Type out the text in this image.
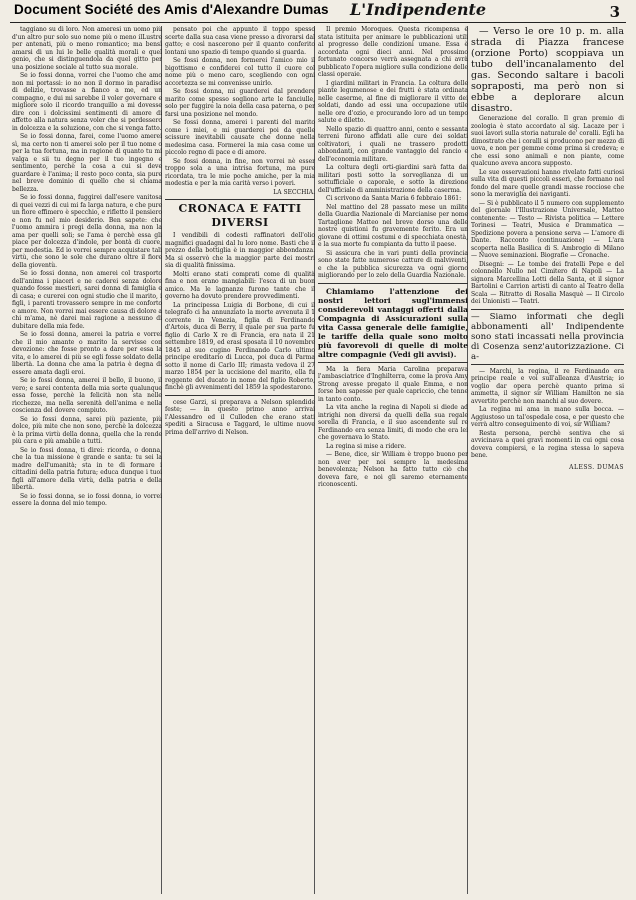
Document Société des Amis d'Alexandre Dumas L'Indipendente	3

taggiano su di loro. Non ameresi un uomo più d'un altro pur solo suo nome più o meno ilLustre per antenati, più o meno romantico; ma bensì amarsi di un lui le belle qualità morali e quel genio, che si distinguendola da quel gitto per una posizione sociale al tutto sua morale.

Se io fossi donna, vorrei che l'uomo che amo non mi portassi: io no non il dormo in paradiso di delizie, trovasse a fianco a me, ed un compagno, e dui mi sarebbe il voler governare e migliore solo il ricordo tranquillo a mi dovesse dire con i dolcissimi sentimenti di amore di affetto alla natura senza voler che si perdessero in dolcezza e la soluzione, con che si venga fatto.

Se io fossi donna, farei, come l'uomo amerei sì, ma certo non ti amerei solo per il tuo nome o per la tua fortuna, ma in ragione di quanto tu mi valga e sii tu degno per il tuo ingegno e sentimento, perchè la cosa a cui si deve guardare è l'anima; il resto poco conta, sia pure nel breve dominio di quello che si chiama bellezza.

Se io fossi donna, fuggirei dall'esere vanitosa di quei vezzi di cui mi fa larga natura, e che pure un fiore effimero è specchio, e rifletto il pensiero e non fu nel mio desiderio. Ben sapete: che l'uomo ammira i pregi della donna, ma non la ama per quelli soli; se l'ama è perchè essa gli piace per dolcezza d'indole, per bontà di cuore, per modestia. Ed io vorrei sempre acquistare tali virtù, che sono le sole che durano oltre il fiore della gioventù.

Se io fossi donna, non amerei col trasporto dell'anima i piaceri e ne caderei senza dolore quando fosse mestieri, sarei donna di famiglia e di casa; e curerei con ogni studio che il marito, i figli, i parenti trovassero sempre in me conforto e amore. Non vorrei mai essere causa di dolore a chi m'ama, nè darei mai ragione a nessuno di dubitare della mia fede.

Se io fossi donna, amerei la patria e vorrei che il mio amante o marito la servisse con devozione: che fosse pronto a dare per essa la vita, e lo amerei di più se egli fosse soldato della libertà. La donna che ama la patria è degna di essere amata dagli eroi.

Se io fossi donna, amerei il bello, il buono, il vero; e sarei contenta della mia sorte qualunque essa fosse, perchè la felicità non sta nelle ricchezze, ma nella serenità dell'anima e nella coscienza del dovere compiuto.

Se io fossi donna, sarei più paziente, più dolce, più mite che non sono, perchè la dolcezza è la prima virtù della donna, quella che la rende più cara e più amabile a tutti.

Se io fossi donna, ti direi: ricorda, o donna, che la tua missione è grande e santa: tu sei la madre dell'umanità; sta in te di formare i cittadini della patria futura; educa dunque i tuoi figli all'amore della virtù, della patria e della libertà.

Se io fossi donna, se io fossi donna, io vorrei essere la donna del mio tempo.

pensato poi che appunto il toppo spesso scerte dalla sua casa viene presso a divorarsi dal gatto; e così nascerono per il quanto conferito lontani uno spazio di tempo quando si guarda.

Se fossi donna, non formerei l'amico mio il bigottismo e confiderei col tutto il cuore col nome più o meno caro, scegliendo con ogni accortezza se mi convenisse unirlo.

Se fossi donna, mi guarderei dal prendere marito come spesso sogliono arte le fanciulle, solo per fuggire la noia della casa paterna, o per farsi una posizione nel mondo.

Se fossi donna, amerei i parenti del marito come i miei, e mi guarderei poi da quelle scissure inevitabili causate che donne nella medesima casa. Formerei la mia casa come un piccolo regno di pace e di amore.

Se fossi donna, in fine, non vorrei nè esser troppo sola a una intrisa fortuna, ma pure ricordata, tra le mie poche amiche, per la mia modestia e per la mia carità verso i poveri.

LA SECCHIA.

CRONACA E FATTI DIVERSI

I vendibili di codesti raffinatori dell'olio magnifici guadagni dal lu loro nome. Basti che il prezzo della bottiglia è in maggior abbondanza. Ma si osservò che la maggior parte dei mostri sia di qualità finissima.

Molti erano stati comprati come di qualità fina e non erano mangiabili: l'esca di un buon amico. Ma le lagnanze furono tante che il governo ha dovuto prendere provvedimenti.

La principessa Luigia di Borbone, di cui il telegrafo ci ha annunziato la morte avvenuta il 1 corrente in Venezia, figlia di Ferdinando d'Artois, duca di Berry, il quale per sua parte fu figlio di Carlo X re di Francia, era nata il 21 settembre 1819, ed erasi sposata il 10 novembre 1845 al suo cugino Ferdinando Carlo ultimo principe ereditario di Lucca, poi duca di Parma sotto il nome di Carlo III; rimasta vedova il 27 marzo 1854 per la uccisione del marito, ella fu reggente del ducato in nome del figlio Roberto, finchè gli avvenimenti del 1859 la spodestarono.

cese Garzi, si preparava a Nelson splendide feste; — in questo primo anno arrivai l'Alessandro ed il Culloden che erano stati spediti a Siracusa e Taggard, le ultime nuove prima dell'arrivo di Nelson.

Il premio Moroques. Questa ricompensa è stata istituita per animare le pubblicazioni utili al progresso delle condizioni umane. Essa è accordata ogni dieci anni. Nel prossimo fortunato concorso verrà assegnata a chi avrà pubblicato l'opera migliore sulla condizione delle classi operaie.

I giardini militari in Francia. La coltura delle piante legumenose e dei frutti è stata ordinata nelle caserme, al fine di migliorare il vitto dei soldati, dando ad essi una occupazione utile nelle ore d'ozio, e procurando loro ad un tempo salute e diletto.

Nello spazio di quattro anni, cento e sessanta terreni furono affidati alle cure dei soldati coltivatori, i quali ne trassero prodotti abbondanti, con grande vantaggio del rancio e dell'economia militare.

La coltura degli orti-giardini sarà fatta dai militari posti sotto la sorveglianza di un sottufficiale o caporale, e sotto la direzione dell'ufficiale di amministrazione della caserma.

Ci scrivono da Santa Maria 6 febbraio 1861:

Nel mattino del 28 passato mese un milite della Guardia Nazionale di Marcianise per nome Tartaglione Matteo nel breve dorso una delle nostre quistioni fu gravemente ferito. Era un giovane di ottimi costumi e di specchiata onestà, e la sua morte fu compianta da tutto il paese.

Si assicura che in vari punti della provincia sono state fatte numerose catture di malviventi, e che la pubblica sicurezza va ogni giorno migliorando per lo zelo della Guardia Nazionale.

Chiamiamo l'attenzione dei nostri lettori sugl'immensi considerevoli vantaggi offerti dalla Compagnia di Assicurazioni sulla vita Cassa generale delle famiglie, le tariffe della quale sono molto più favorevoli di quelle di molte altre compagnie (Vedi gli avvisi).

Ma la fiera Maria Carolina preparava l'ambasciatrice d'Inghilterra, come la prova Amy Strong avesse pregato il quale Emma, e non forse ben sapesse per quale capriccio, che tenne in tanto conto.

La vita anche la regina di Napoli si diede ad intrighi non diversi da quelli della sua regale sorella di Francia, e il suo ascendente sul re Ferdinando era senza limiti, di modo che era lei che governava lo Stato.

La regina si mise a ridere.

— Bene, dice, sir William è troppo buono per non aver per noi sempre la medesima benevolenza; Nelson ha fatto tutto ciò che doveva fare, e noi gli saremo eternamente riconoscenti.

— Verso le ore 10 p. m. alla strada di Piazza francese (orzione Porto) scoppiava un tubo dell'incanalamento del gas. Secondo saltare i bacoli sopraposti, ma però non si ebbe a deplorare alcun disastro.

Generazione del corallo. Il gran premio di zoologia è stato accordato al sig. Lacaze per i suoi lavori sulla storia naturale de' coralli. Egli ha dimostrato che i coralli si producono per mezzo di uova, e non per gemme come prima si credeva; e che essi sono animali e non piante, come qualcuno aveva ancora supposto.

Le sue osservazioni hanno rivelato fatti curiosi sulla vita di questi piccoli esseri, che formano nel fondo del mare quelle grandi masse rocciose che sono la meraviglia dei naviganti.

— Si è pubblicato il 5 numero con supplemento del giornale l'Illustrazione Universale, Matteo contenente: — Testo — Rivista politica — Lettere Torinesi — Teatri, Musica e Drammatica — Spedizione povera a pensione serva — L'amore di Dante. Racconto (continuazione) — L'ara scoperta nella Basilica di S. Ambrogio di Milano — Nuove seminazioni. Biografie — Cronache.

Disegni: — Le tombe dei fratelli Pepe e del colonnello Nullo nel Cimitero di Napoli — La signora Marcellina Lotti della Santa, et il signor Bartolini e Carrion artisti di canto al Teatro della Scala — Ritratto di Rosalia Masquè — Il Circolo dei Unionisti — Teatri.

— Siamo informati che degli abbonamenti all' Indipendente sono stati incassati nella provincia di Cosenza senz'autorizzazione. Ci a-

— Marchi, la regina, il re Ferdinando era principe reale e voi sull'alleanza d'Austria; io voglio dar opera perchè quanto prima si ammetta, il signor sir William Hamilton ne sia avvertito perchè non manchi al suo dovere.

La regina mi ama in mano sulla bocca. — Aggiustoso un tal'ospedale cosa, e per questo che verrà altro conseguimento di voi, sir William?

Resta persona, perchè sentiva che si avvicinava a quei gravi momenti in cui ogni cosa doveva compiersi, e la regina stessa lo sapeva bene.

ALESS. DUMAS
